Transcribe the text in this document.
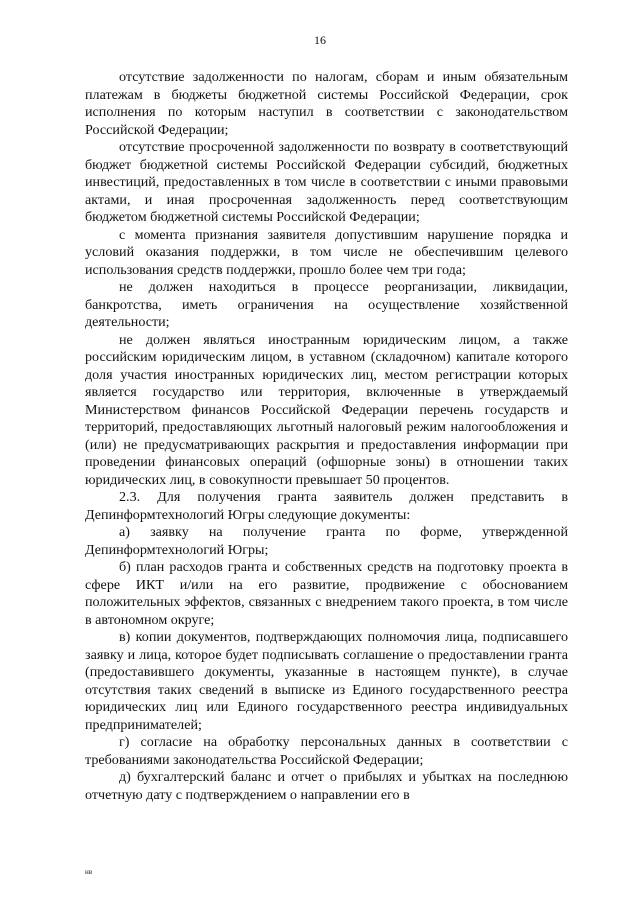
16

отсутствие задолженности по налогам, сборам и иным обязательным платежам в бюджеты бюджетной системы Российской Федерации, срок исполнения по которым наступил в соответствии с законодательством Российской Федерации;

отсутствие просроченной задолженности по возврату в соответствующий бюджет бюджетной системы Российской Федерации субсидий, бюджетных инвестиций, предоставленных в том числе в соответствии с иными правовыми актами, и иная просроченная задолженность перед соответствующим бюджетом бюджетной системы Российской Федерации;

с момента признания заявителя допустившим нарушение порядка и условий оказания поддержки, в том числе не обеспечившим целевого использования средств поддержки, прошло более чем три года;

не должен находиться в процессе реорганизации, ликвидации, банкротства, иметь ограничения на осуществление хозяйственной деятельности;

не должен являться иностранным юридическим лицом, а также российским юридическим лицом, в уставном (складочном) капитале которого доля участия иностранных юридических лиц, местом регистрации которых является государство или территория, включенные в утверждаемый Министерством финансов Российской Федерации перечень государств и территорий, предоставляющих льготный налоговый режим налогообложения и (или) не предусматривающих раскрытия и предоставления информации при проведении финансовых операций (офшорные зоны) в отношении таких юридических лиц, в совокупности превышает 50 процентов.

2.3. Для получения гранта заявитель должен представить в Депинформтехнологий Югры следующие документы:

а) заявку на получение гранта по форме, утвержденной Депинформтехнологий Югры;

б) план расходов гранта и собственных средств на подготовку проекта в сфере ИКТ и/или на его развитие, продвижение с обоснованием положительных эффектов, связанных с внедрением такого проекта, в том числе в автономном округе;

в) копии документов, подтверждающих полномочия лица, подписавшего заявку и лица, которое будет подписывать соглашение о предоставлении гранта (предоставившего документы, указанные в настоящем пункте), в случае отсутствия таких сведений в выписке из Единого государственного реестра юридических лиц или Единого государственного реестра индивидуальных предпринимателей;

г) согласие на обработку персональных данных в соответствии с требованиями законодательства Российской Федерации;

д) бухгалтерский баланс и отчет о прибылях и убытках на последнюю отчетную дату с подтверждением о направлении его в

нв
